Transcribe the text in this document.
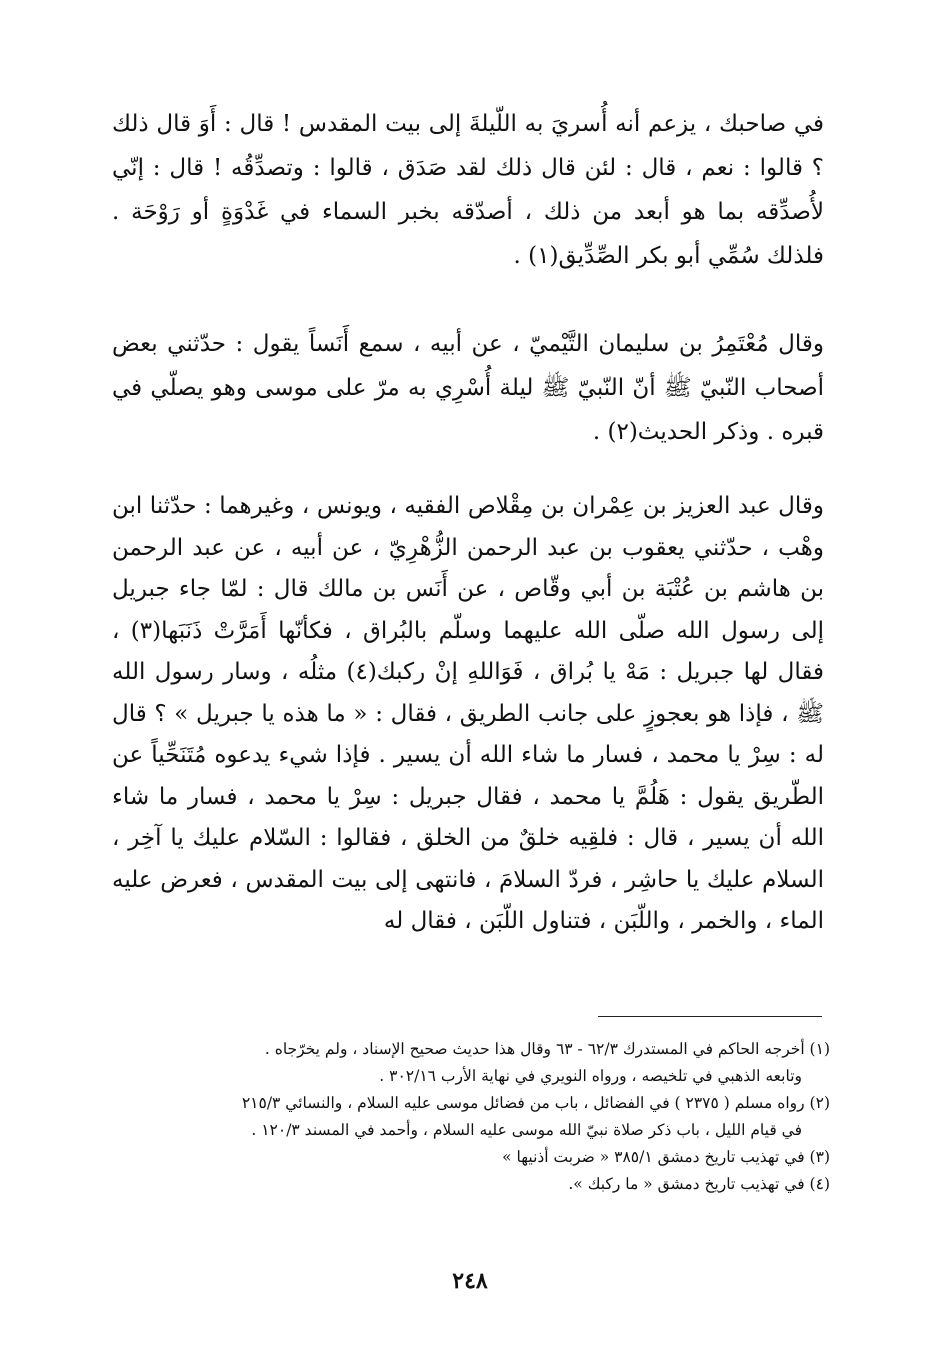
في صاحبك ، يزعم أنه أُسريَ به اللّيلةَ إلى بيت المقدس ! قال : أَوَ قال ذلك ؟ قالوا : نعم ، قال : لئن قال ذلك لقد صَدَق ، قالوا : وتصدِّقُه ! قال : إنّي لأُصدِّقه بما هو أبعد من ذلك ، أصدّقه بخبر السماء في غَدْوَةٍ أو رَوْحَة . فلذلك سُمِّي أبو بكر الصِّدِّيق(١) .

وقال مُعْتَمِرُ بن سليمان التَّيْميّ ، عن أبيه ، سمع أَنَساً يقول : حدّثني بعض أصحاب النّبيّ ﷺ أنّ النّبيّ ﷺ ليلة أُسْرِي به مرّ على موسى وهو يصلّي في قبره . وذكر الحديث(٢) .

وقال عبد العزيز بن عِمْران بن مِقْلاص الفقيه ، ويونس ، وغيرهما : حدّثنا ابن وهْب ، حدّثني يعقوب بن عبد الرحمن الزُّهْرِيّ ، عن أبيه ، عن عبد الرحمن بن هاشم بن عُتْبَة بن أبي وقّاص ، عن أَنَس بن مالك قال : لمّا جاء جبريل إلى رسول الله صلّى الله عليهما وسلّم بالبُراق ، فكأنّها أَمَرَّتْ ذَنَبَها(٣) ، فقال لها جبريل : مَهْ يا بُراق ، فَوَاللهِ إنْ ركبك(٤) مثلُه ، وسار رسول الله ﷺ ، فإذا هو بعجوزٍ على جانب الطريق ، فقال : « ما هذه يا جبريل » ؟ قال له : سِرْ يا محمد ، فسار ما شاء الله أن يسير . فإذا شيء يدعوه مُتَنَحِّياً عن الطّريق يقول : هَلُمَّ يا محمد ، فقال جبريل : سِرْ يا محمد ، فسار ما شاء الله أن يسير ، قال : فلقِيه خلقٌ من الخلق ، فقالوا : السّلام عليك يا آخِر ، السلام عليك يا حاشِر ، فردّ السلامَ ، فانتهى إلى بيت المقدس ، فعرض عليه الماء ، والخمر ، واللّبَن ، فتناول اللّبَن ، فقال له

(١) أخرجه الحاكم في المستدرك ٦٢/٣ - ٦٣ وقال هذا حديث صحيح الإسناد ، ولم يخرّجاه .
وتابعه الذهبي في تلخيصه ، ورواه النويري في نهاية الأرب ٣٠٢/١٦ .
(٢) رواه مسلم ( ٢٣٧٥ ) في الفضائل ، باب من فضائل موسى عليه السلام ، والنسائي ٢١٥/٣
في قيام الليل ، باب ذكر صلاة نبيّ الله موسى عليه السلام ، وأحمد في المسند ١٢٠/٣ .
(٣) في تهذيب تاريخ دمشق ٣٨٥/١ « ضربت أذنيها »
(٤) في تهذيب تاريخ دمشق « ما ركبك ».
٢٤٨
